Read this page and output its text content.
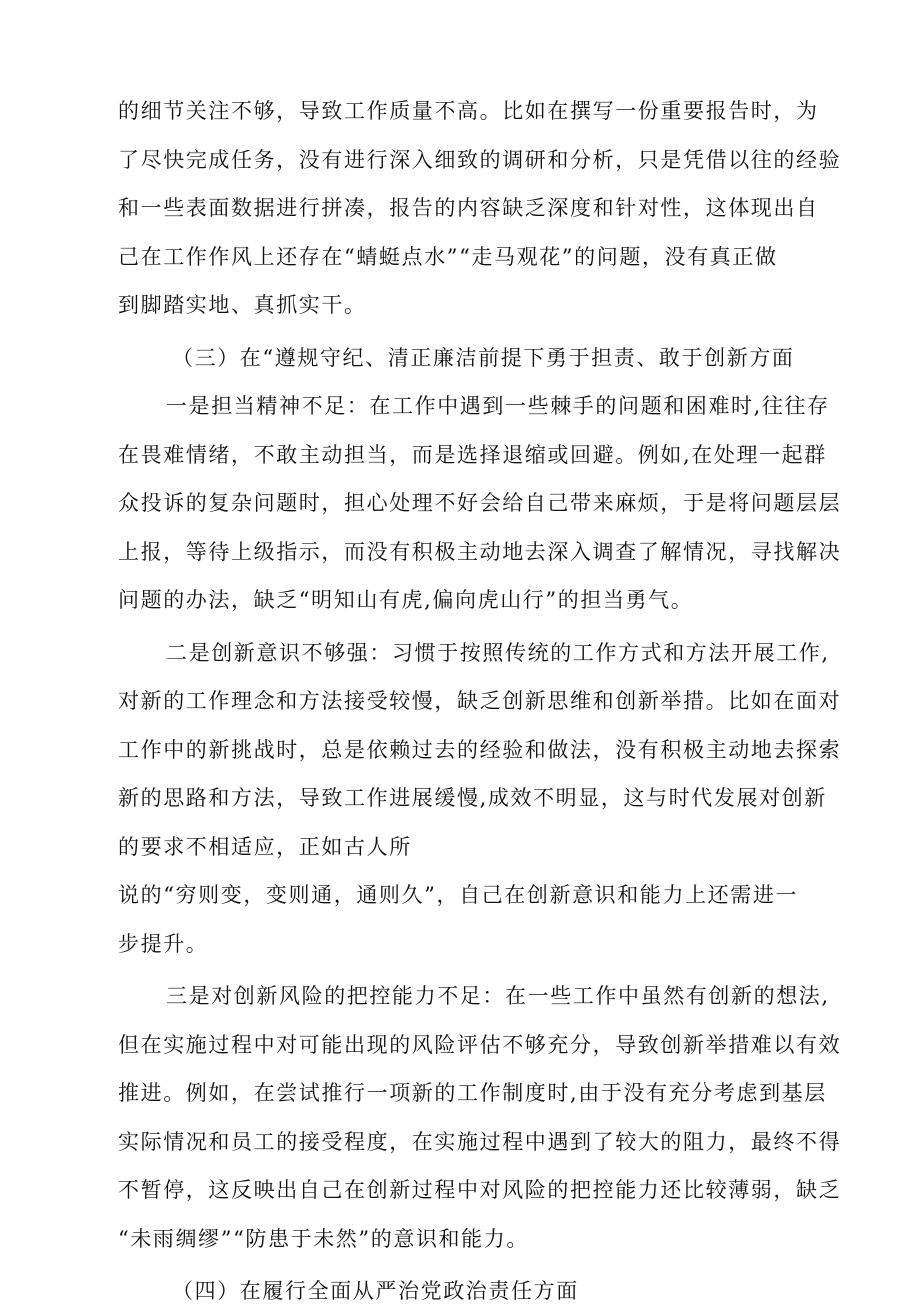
的细节关注不够，导致工作质量不高。比如在撰写一份重要报告时，为
了尽快完成任务，没有进行深入细致的调研和分析，只是凭借以往的经验
和一些表面数据进行拼凑，报告的内容缺乏深度和针对性，这体现出自
己在工作作风上还存在“蜻蜓点水”“走马观花”的问题，没有真正做
到脚踏实地、真抓实干。
（三）在“遵规守纪、清正廉洁前提下勇于担责、敢于创新方面
一是担当精神不足：在工作中遇到一些棘手的问题和困难时,往往存
在畏难情绪，不敢主动担当，而是选择退缩或回避。例如,在处理一起群
众投诉的复杂问题时，担心处理不好会给自己带来麻烦，于是将问题层层
上报，等待上级指示，而没有积极主动地去深入调查了解情况，寻找解决
问题的办法，缺乏“明知山有虎,偏向虎山行”的担当勇气。
二是创新意识不够强：习惯于按照传统的工作方式和方法开展工作,
对新的工作理念和方法接受较慢，缺乏创新思维和创新举措。比如在面对
工作中的新挑战时，总是依赖过去的经验和做法，没有积极主动地去探索
新的思路和方法，导致工作进展缓慢,成效不明显，这与时代发展对创新
的要求不相适应，正如古人所
说的“穷则变，变则通，通则久”，自己在创新意识和能力上还需进一
步提升。
三是对创新风险的把控能力不足：在一些工作中虽然有创新的想法,
但在实施过程中对可能出现的风险评估不够充分，导致创新举措难以有效
推进。例如，在尝试推行一项新的工作制度时,由于没有充分考虑到基层
实际情况和员工的接受程度，在实施过程中遇到了较大的阻力，最终不得
不暂停，这反映出自己在创新过程中对风险的把控能力还比较薄弱，缺乏
“未雨绸缪”“防患于未然”的意识和能力。
（四）在履行全面从严治党政治责任方面
